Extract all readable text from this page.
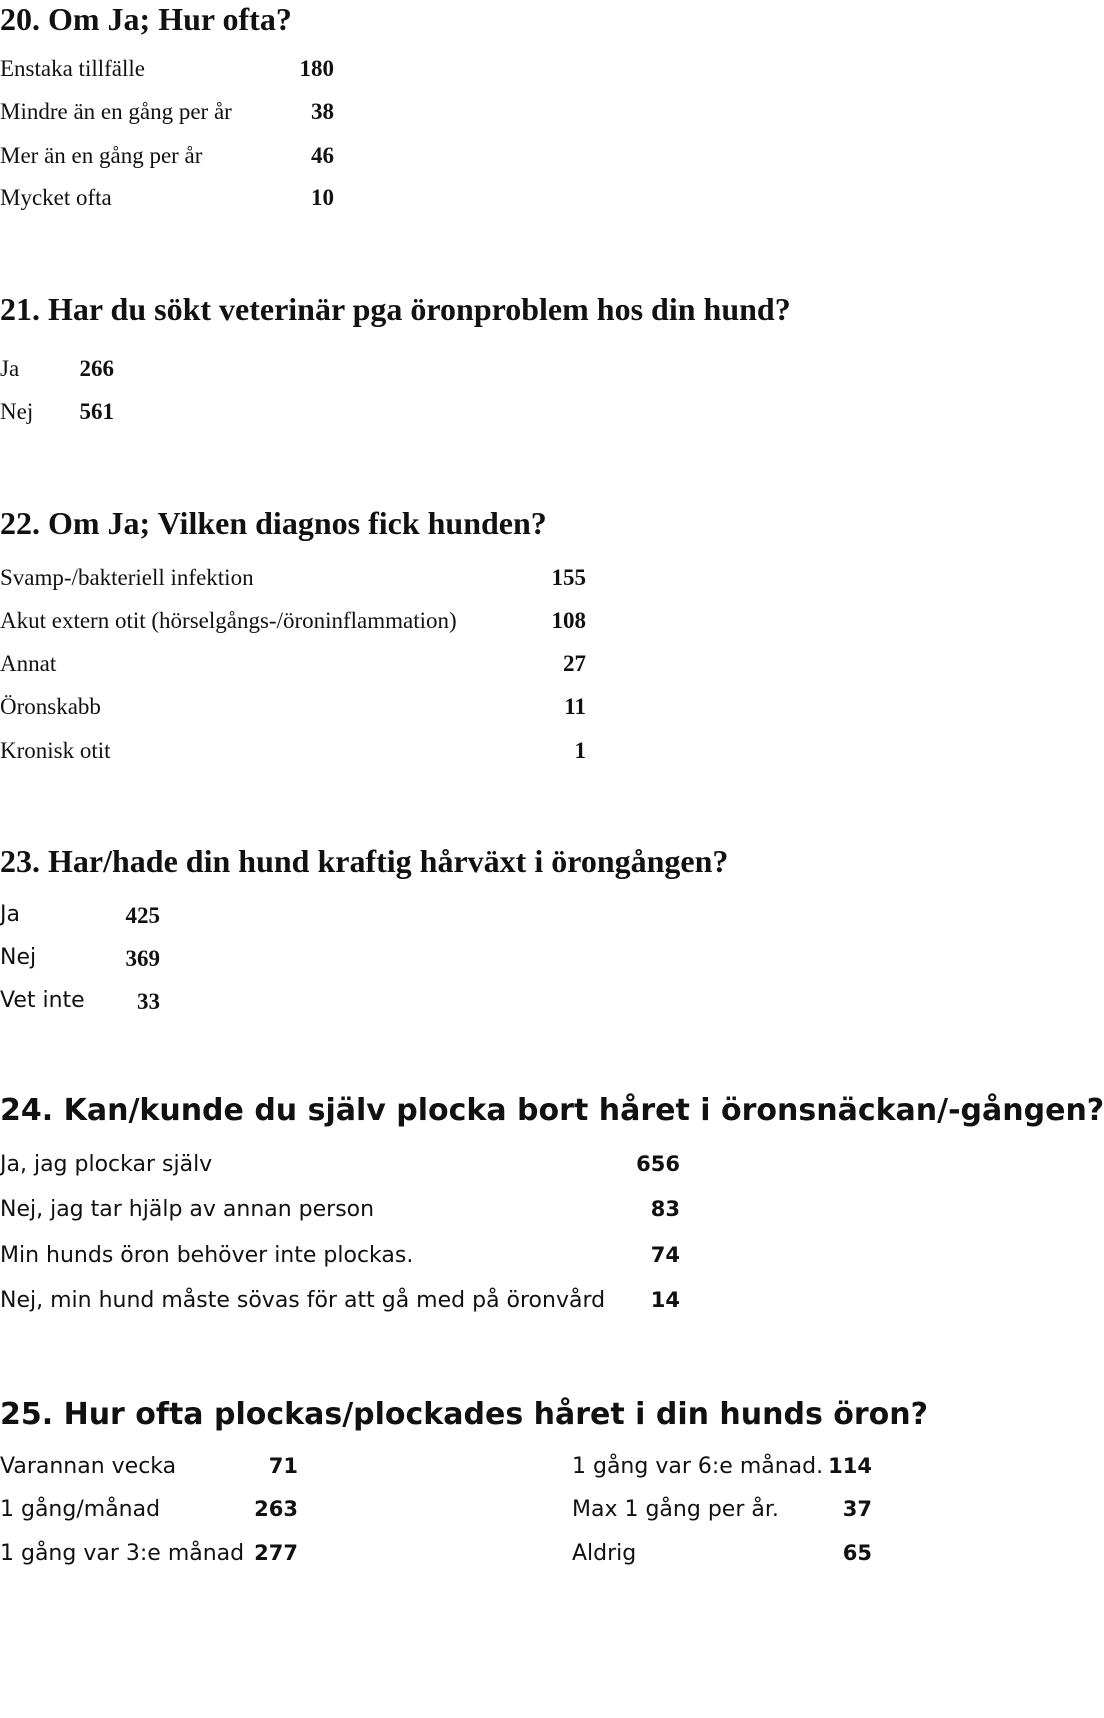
20. Om Ja; Hur ofta?
Enstaka tillfälle	180
Mindre än en gång per år	38
Mer än en gång per år	46
Mycket ofta	10
21. Har du sökt veterinär pga öronproblem hos din hund?
Ja	266
Nej	561
22. Om Ja; Vilken diagnos fick hunden?
Svamp-/bakteriell infektion	155
Akut extern otit (hörselgångs-/öroninflammation)	108
Annat	27
Öronskabb	11
Kronisk otit	1
23. Har/hade din hund kraftig hårväxt i örongången?
Ja	425
Nej	369
Vet inte	33
24. Kan/kunde du själv plocka bort håret i öronsnäckan/-gången?
Ja, jag plockar själv	656
Nej, jag tar hjälp av annan person	83
Min hunds öron behöver inte plockas.	74
Nej, min hund måste sövas för att gå med på öronvård	14
25. Hur ofta plockas/plockades håret i din hunds öron?
Varannan vecka	71
1 gång/månad	263
1 gång var 3:e månad 277
1 gång var 6:e månad. 114
Max 1 gång per år.	37
Aldrig	65
